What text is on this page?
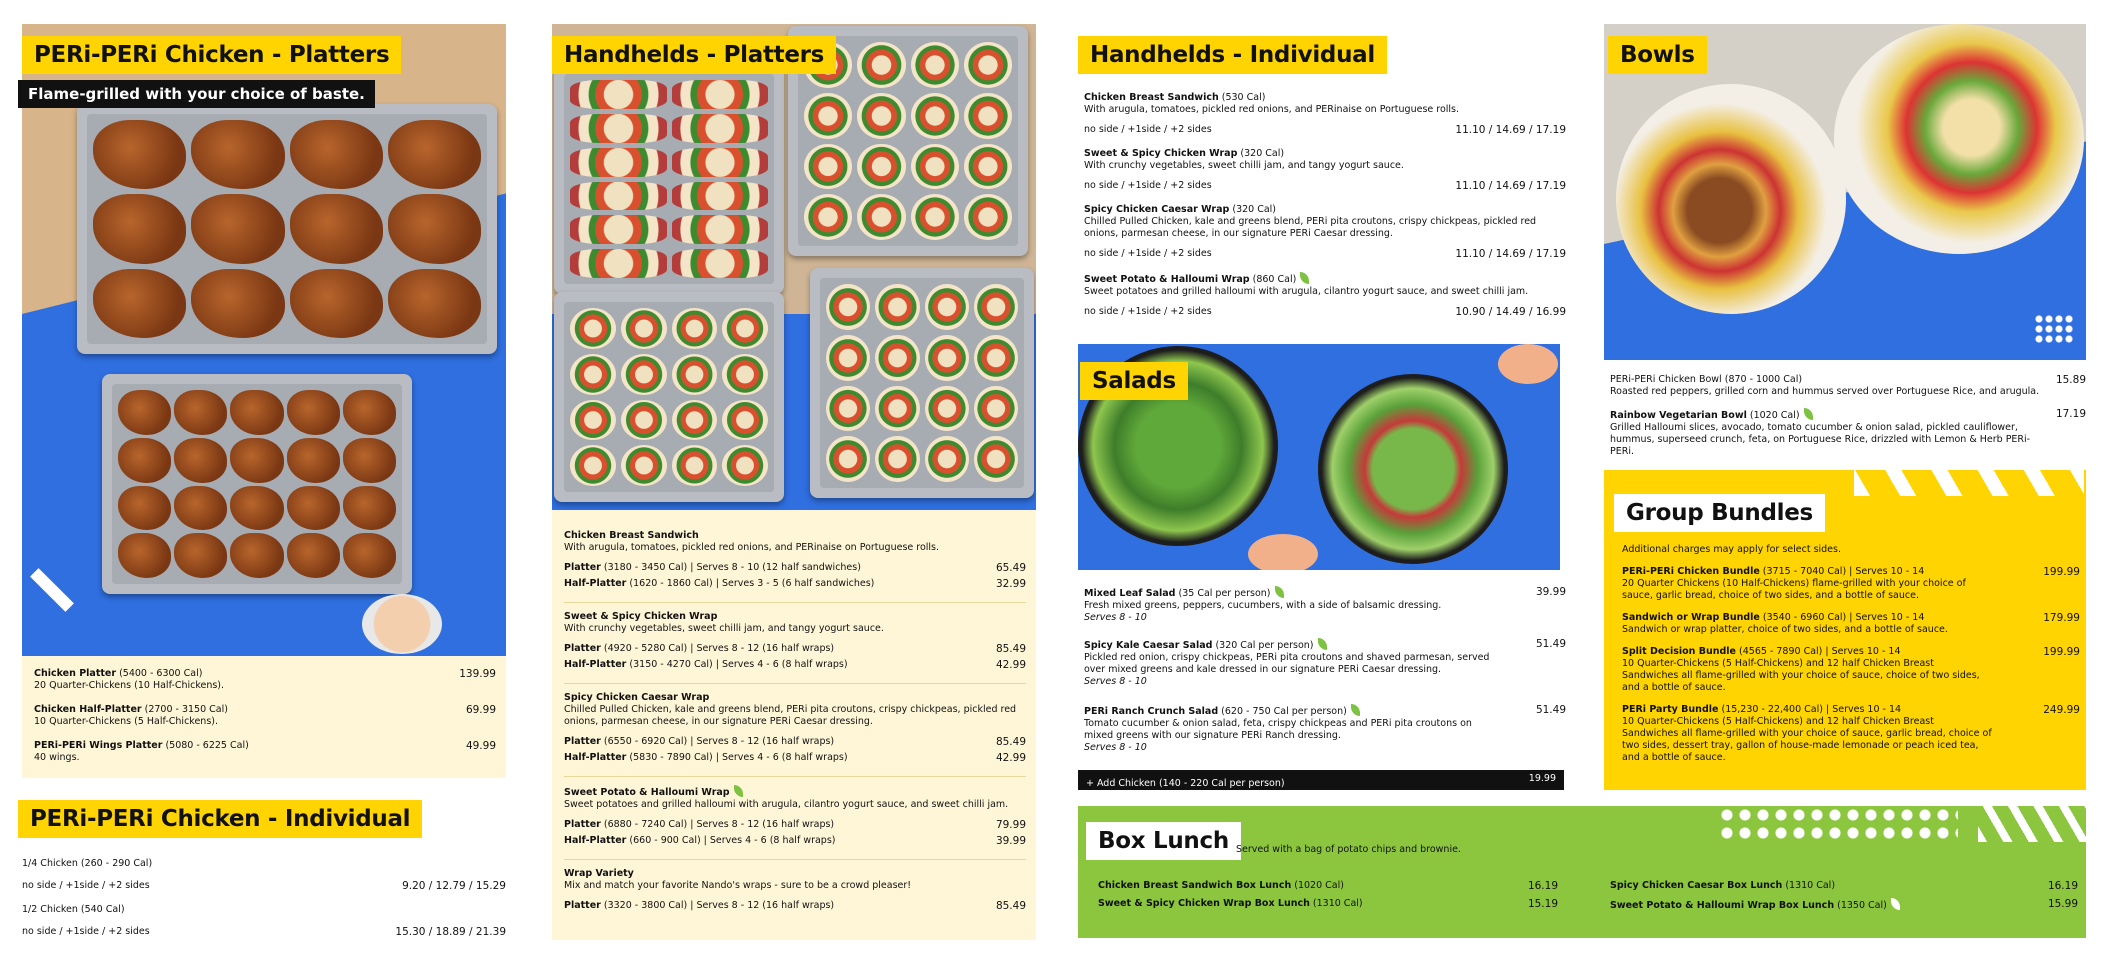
PERi-PERi Chicken - Platters
Flame-grilled with your choice of baste.
Chicken Platter (5400 - 6300 Cal)
20 Quarter-Chickens (10 Half-Chickens).
139.99
Chicken Half-Platter (2700 - 3150 Cal)
10 Quarter-Chickens (5 Half-Chickens).
69.99
PERi-PERi Wings Platter (5080 - 6225 Cal)
40 wings.
49.99
PERi-PERi Chicken - Individual
1/4 Chicken (260 - 290 Cal)
no side / +1side / +2 sides	9.20 / 12.79 / 15.29
1/2 Chicken (540 Cal)
no side / +1side / +2 sides	15.30 / 18.89 / 21.39
Handhelds - Platters
Chicken Breast Sandwich
With arugula, tomatoes, pickled red onions, and PERinaise on Portuguese rolls.
Platter (3180 - 3450 Cal) | Serves 8 - 10 (12 half sandwiches)	65.49
Half-Platter (1620 - 1860 Cal) | Serves 3 - 5 (6 half sandwiches)	32.99
Sweet & Spicy Chicken Wrap
With crunchy vegetables, sweet chilli jam, and tangy yogurt sauce.
Platter (4920 - 5280 Cal) | Serves 8 - 12 (16 half wraps)	85.49
Half-Platter (3150 - 4270 Cal) | Serves 4 - 6 (8 half wraps)	42.99
Spicy Chicken Caesar Wrap
Chilled Pulled Chicken, kale and greens blend, PERi pita croutons, crispy chickpeas, pickled red onions, parmesan cheese, in our signature PERi Caesar dressing.
Platter (6550 - 6920 Cal) | Serves 8 - 12 (16 half wraps)	85.49
Half-Platter (5830 - 7890 Cal) | Serves 4 - 6 (8 half wraps)	42.99
Sweet Potato & Halloumi Wrap
Sweet potatoes and grilled halloumi with arugula, cilantro yogurt sauce, and sweet chilli jam.
Platter (6880 - 7240 Cal) | Serves 8 - 12 (16 half wraps)	79.99
Half-Platter (660 - 900 Cal) | Serves 4 - 6 (8 half wraps)	39.99
Wrap Variety
Mix and match your favorite Nando's wraps - sure to be a crowd pleaser!
Platter (3320 - 3800 Cal) | Serves 8 - 12 (16 half wraps)	85.49
Handhelds - Individual
Chicken Breast Sandwich (530 Cal)
With arugula, tomatoes, pickled red onions, and PERinaise on Portuguese rolls.
no side / +1side / +2 sides	11.10 / 14.69 / 17.19
Sweet & Spicy Chicken Wrap (320 Cal)
With crunchy vegetables, sweet chilli jam, and tangy yogurt sauce.
no side / +1side / +2 sides	11.10 / 14.69 / 17.19
Spicy Chicken Caesar Wrap (320 Cal)
Chilled Pulled Chicken, kale and greens blend, PERi pita croutons, crispy chickpeas, pickled red onions, parmesan cheese, in our signature PERi Caesar dressing.
no side / +1side / +2 sides	11.10 / 14.69 / 17.19
Sweet Potato & Halloumi Wrap (860 Cal)
Sweet potatoes and grilled halloumi with arugula, cilantro yogurt sauce, and sweet chilli jam.
no side / +1side / +2 sides	10.90 / 14.49 / 16.99
Salads
Mixed Leaf Salad (35 Cal per person)
Fresh mixed greens, peppers, cucumbers, with a side of balsamic dressing.
Serves 8 - 10
39.99
Spicy Kale Caesar Salad (320 Cal per person)
Pickled red onion, crispy chickpeas, PERi pita croutons and shaved parmesan, served over mixed greens and kale dressed in our signature PERi Caesar dressing.
Serves 8 - 10
51.49
PERi Ranch Crunch Salad (620 - 750 Cal per person)
Tomato cucumber & onion salad, feta, crispy chickpeas and PERi pita croutons on mixed greens with our signature PERi Ranch dressing.
Serves 8 - 10
51.49
+ Add Chicken (140 - 220 Cal per person)	19.99
Bowls
PERi-PERi Chicken Bowl (870 - 1000 Cal)
Roasted red peppers, grilled corn and hummus served over Portuguese Rice, and arugula.
15.89
Rainbow Vegetarian Bowl (1020 Cal)
Grilled Halloumi slices, avocado, tomato cucumber & onion salad, pickled cauliflower, hummus, superseed crunch, feta, on Portuguese Rice, drizzled with Lemon & Herb PERi-PERi.
17.19
Group Bundles
Additional charges may apply for select sides.
PERi-PERi Chicken Bundle (3715 - 7040 Cal) | Serves 10 - 14
20 Quarter Chickens (10 Half-Chickens) flame-grilled with your choice of sauce, garlic bread, choice of two sides, and a bottle of sauce.
199.99
Sandwich or Wrap Bundle (3540 - 6960 Cal) | Serves 10 - 14
Sandwich or wrap platter, choice of two sides, and a bottle of sauce.
179.99
Split Decision Bundle (4565 - 7890 Cal) | Serves 10 - 14
10 Quarter-Chickens (5 Half-Chickens) and 12 half Chicken Breast Sandwiches all flame-grilled with your choice of sauce, choice of two sides, and a bottle of sauce.
199.99
PERi Party Bundle (15,230 - 22,400 Cal) | Serves 10 - 14
10 Quarter-Chickens (5 Half-Chickens) and 12 half Chicken Breast Sandwiches all flame-grilled with your choice of sauce, garlic bread, choice of two sides, dessert tray, gallon of house-made lemonade or peach iced tea, and a bottle of sauce.
249.99
Box Lunch Served with a bag of potato chips and brownie.
Chicken Breast Sandwich Box Lunch (1020 Cal)	16.19
Sweet & Spicy Chicken Wrap Box Lunch (1310 Cal)	15.19
Spicy Chicken Caesar Box Lunch (1310 Cal)	16.19
Sweet Potato & Halloumi Wrap Box Lunch (1350 Cal)	15.99
